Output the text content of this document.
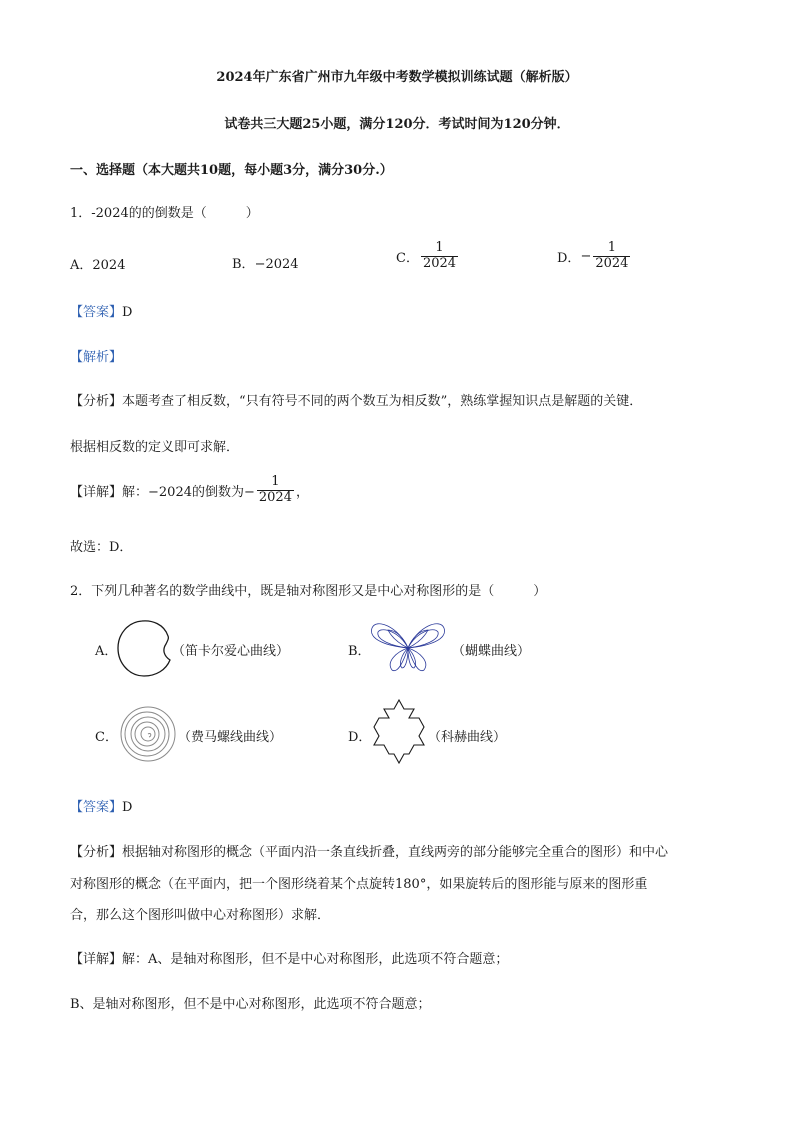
2024年广东省广州市九年级中考数学模拟训练试题（解析版）
试卷共三大题25小题，满分120分．考试时间为120分钟．
一、选择题（本大题共10题，每小题3分，满分30分.）
1．-2024的的倒数是（　　　）
A．2024	B．−2024	C． $\frac{1}{2024}$	D．− $\frac{1}{2024}$
【答案】D
【解析】
【分析】本题考查了相反数，“只有符号不同的两个数互为相反数”，熟练掌握知识点是解题的关键．
根据相反数的定义即可求解．
【详解】解：−2024的倒数为− $\frac{1}{2024}$ ，
故选：D．
2．下列几种著名的数学曲线中，既是轴对称图形又是中心对称图形的是（　　　）
A．	（笛卡尔爱心曲线）	B．	（蝴蝶曲线）
C．	（费马螺线曲线）	D．	（科赫曲线）
【答案】D
【分析】根据轴对称图形的概念（平面内沿一条直线折叠，直线两旁的部分能够完全重合的图形）和中心
对称图形的概念（在平面内，把一个图形绕着某个点旋转180°，如果旋转后的图形能与原来的图形重
合，那么这个图形叫做中心对称图形）求解．
【详解】解：A、是轴对称图形，但不是中心对称图形，此选项不符合题意；
B、是轴对称图形，但不是中心对称图形，此选项不符合题意；
